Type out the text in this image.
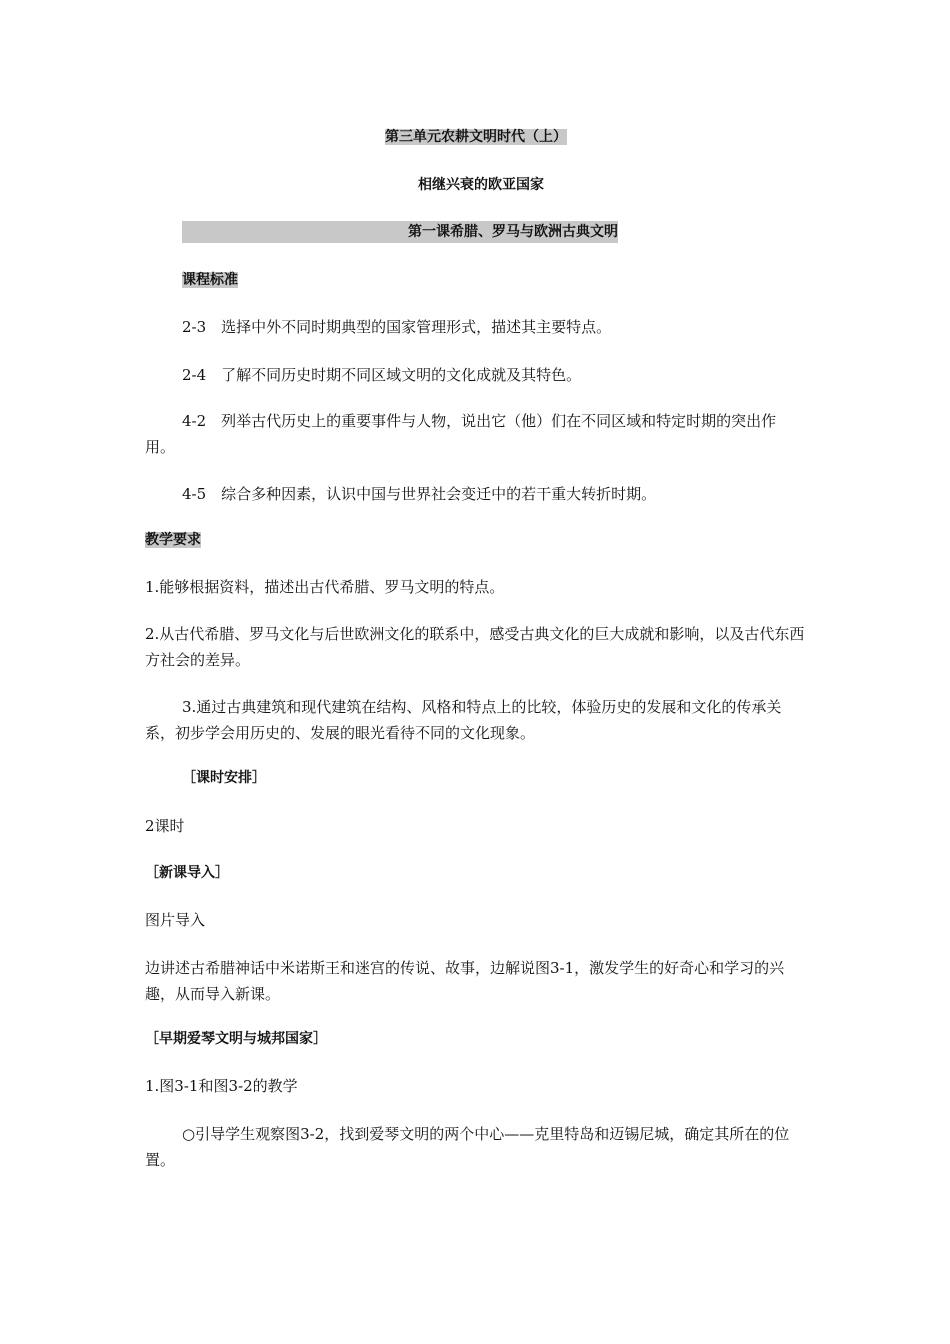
第三单元农耕文明时代（上）
相继兴衰的欧亚国家
第一课希腊、罗马与欧洲古典文明
课程标准
2-3　选择中外不同时期典型的国家管理形式，描述其主要特点。
2-4　了解不同历史时期不同区域文明的文化成就及其特色。
4-2　列举古代历史上的重要事件与人物，说出它（他）们在不同区域和特定时期的突出作用。
4-5　综合多种因素，认识中国与世界社会变迁中的若干重大转折时期。
教学要求
1.能够根据资料，描述出古代希腊、罗马文明的特点。
2.从古代希腊、罗马文化与后世欧洲文化的联系中，感受古典文化的巨大成就和影响，以及古代东西方社会的差异。
3.通过古典建筑和现代建筑在结构、风格和特点上的比较，体验历史的发展和文化的传承关系，初步学会用历史的、发展的眼光看待不同的文化现象。
［课时安排］
2课时
［新课导入］
图片导入
边讲述古希腊神话中米诺斯王和迷宫的传说、故事，边解说图3-1，激发学生的好奇心和学习的兴趣，从而导入新课。
［早期爱琴文明与城邦国家］
1.图3-1和图3-2的教学
○引导学生观察图3-2，找到爱琴文明的两个中心——克里特岛和迈锡尼城，确定其所在的位置。
